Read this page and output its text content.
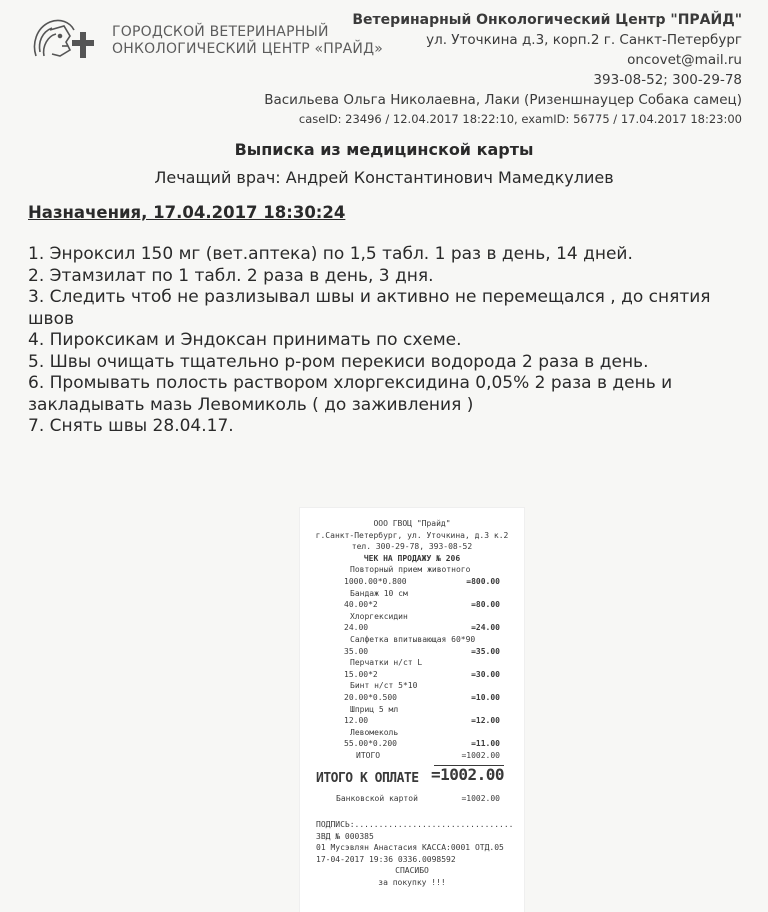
ГОРОДСКОЙ ВЕТЕРИНАРНЫЙ
ОНКОЛОГИЧЕСКИЙ ЦЕНТР «ПРАЙД»
Ветеринарный Онкологический Центр "ПРАЙД"
ул. Уточкина д.3, корп.2 г. Санкт-Петербург
oncovet@mail.ru
393-08-52; 300-29-78
Васильева Ольга Николаевна, Лаки (Ризеншнауцер Собака самец)
caseID: 23496 / 12.04.2017 18:22:10, examID: 56775 / 17.04.2017 18:23:00
Выписка из медицинской карты
Лечащий врач: Андрей Константинович Мамедкулиев
Назначения, 17.04.2017 18:30:24
1. Энроксил 150 мг (вет.аптека) по 1,5 табл. 1 раз в день, 14 дней.
2. Этамзилат по 1 табл. 2 раза в день, 3 дня.
3. Следить чтоб не разлизывал швы и активно не перемещался , до снятия швов
4. Пироксикам и Эндоксан принимать по схеме.
5. Швы очищать тщательно р-ром перекиси водорода 2 раза в день.
6. Промывать полость раствором хлоргексидина 0,05% 2 раза в день и закладывать мазь Левомиколь ( до заживления )
7. Снять швы 28.04.17.
ООО ГВОЦ "Прайд"
г.Санкт-Петербург, ул. Уточкина, д.3 к.2
тел. 300-29-78, 393-08-52
ЧЕК НА ПРОДАЖУ № 206
Повторный прием животного
1000.00*0.800	=800.00
Бандаж 10 см
40.00*2	=80.00
Хлоргексидин
24.00	=24.00
Салфетка впитывающая 60*90
35.00	=35.00
Перчатки н/ст L
15.00*2	=30.00
Бинт н/ст 5*10
20.00*0.500	=10.00
Шприц 5 мл
12.00	=12.00
Левомеколь
55.00*0.200	=11.00
ИТОГО	=1002.00
ИТОГО К ОПЛАТЕ =1002.00
Банковской картой	=1002.00
ПОДПИСЬ:.................................
ЗВД № 000385
01 Мусэвлян Анастасия КАССА:0001 ОТД.05
17-04-2017 19:36 0336.0098592
СПАСИБО
за покупку !!!
